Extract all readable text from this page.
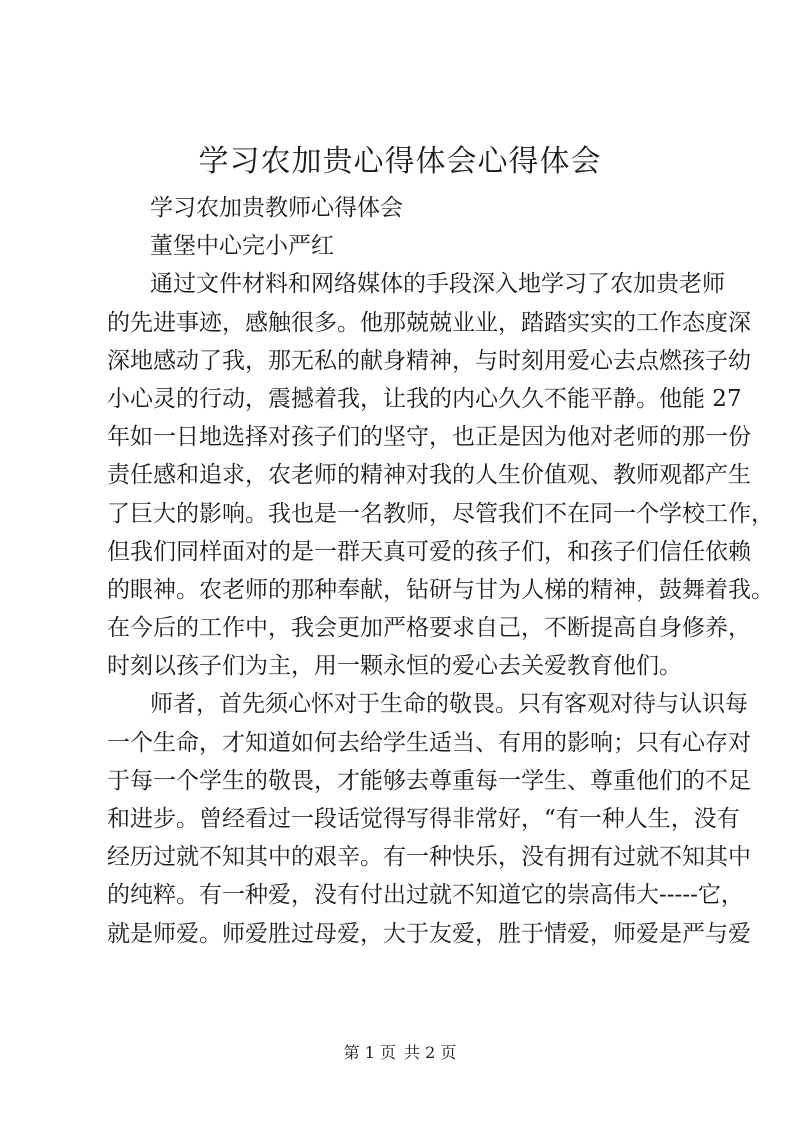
学习农加贵心得体会心得体会
学习农加贵教师心得体会
董堡中心完小严红
通过文件材料和网络媒体的手段深入地学习了农加贵老师
的先进事迹，感触很多。他那兢兢业业，踏踏实实的工作态度深
深地感动了我，那无私的献身精神，与时刻用爱心去点燃孩子幼
小心灵的行动，震撼着我，让我的内心久久不能平静。他能 27
年如一日地选择对孩子们的坚守，也正是因为他对老师的那一份
责任感和追求，农老师的精神对我的人生价值观、教师观都产生
了巨大的影响。我也是一名教师，尽管我们不在同一个学校工作，
但我们同样面对的是一群天真可爱的孩子们，和孩子们信任依赖
的眼神。农老师的那种奉献，钻研与甘为人梯的精神，鼓舞着我。
在今后的工作中，我会更加严格要求自己，不断提高自身修养，
时刻以孩子们为主，用一颗永恒的爱心去关爱教育他们。
师者，首先须心怀对于生命的敬畏。只有客观对待与认识每
一个生命，才知道如何去给学生适当、有用的影响；只有心存对
于每一个学生的敬畏，才能够去尊重每一学生、尊重他们的不足
和进步。曾经看过一段话觉得写得非常好，“有一种人生，没有
经历过就不知其中的艰辛。有一种快乐，没有拥有过就不知其中
的纯粹。有一种爱，没有付出过就不知道它的崇高伟大-----它，
就是师爱。师爱胜过母爱，大于友爱，胜于情爱，师爱是严与爱
第 1 页 共 2 页
